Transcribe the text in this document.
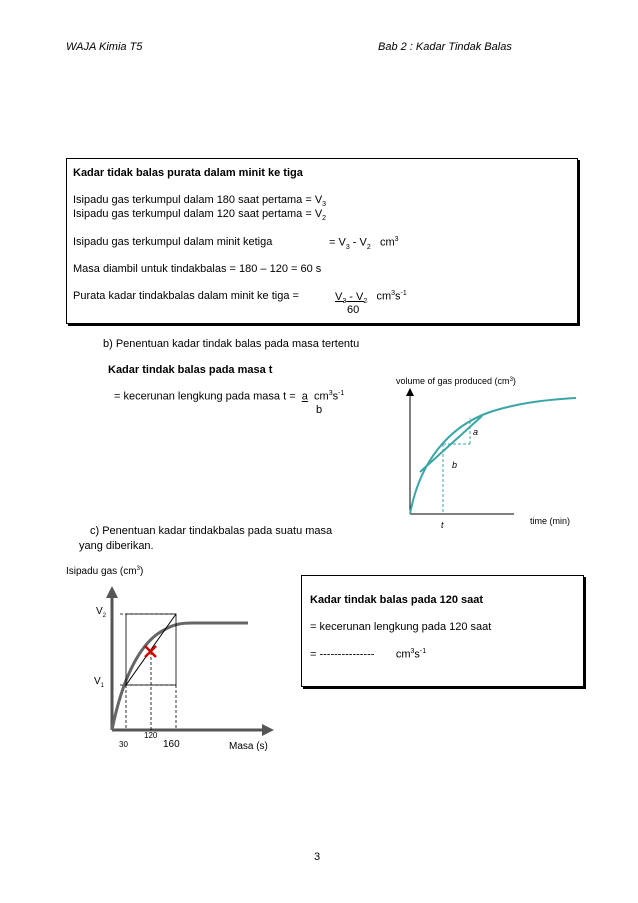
WAJA Kimia T5	Bab 2 : Kadar Tindak Balas
Kadar tidak balas purata dalam minit ke tiga
Isipadu gas terkumpul dalam 180 saat pertama = $V_3$
Isipadu gas terkumpul dalam 120 saat pertama = $V_2$
Isipadu gas terkumpul dalam minit ketiga	= $V_3 - V_2$ $cm^3$
Masa diambil untuk tindakbalas = 180 – 120 = 60 s
Purata kadar tindakbalas dalam minit ke tiga =	$V_3 - V_2$ $cm^3s^{-1}$
60
b) Penentuan kadar tindak balas pada masa tertentu
Kadar tindak balas pada masa t
= kecerunan lengkung pada masa t = a $cm^3s^{-1}$
b
volume of gas produced $(cm^3)$
t
a
b
time (min)
c) Penentuan kadar tindakbalas pada suatu masa
yang diberikan.
Isipadu gas $(cm^3)$
$V_2$
$V_1$
30
120
160	Masa (s)
Kadar tindak balas pada 120 saat
= kecerunan lengkung pada 120 saat
= --------------- $cm^3s^{-1}$
3
